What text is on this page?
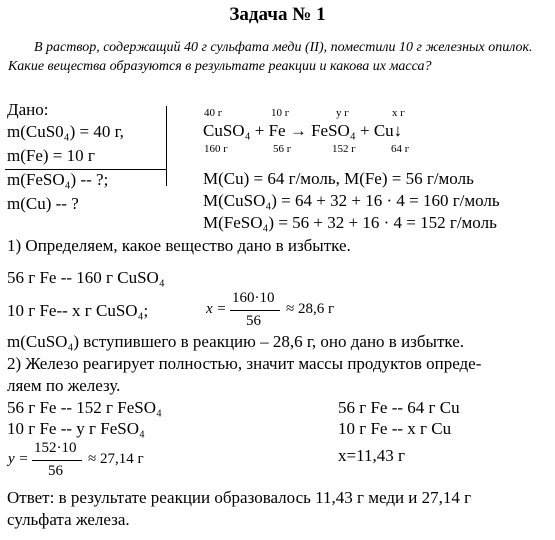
Задача № 1
В раствор, содержащий 40 г сульфата меди (II), поместили 10 г железных опилок. Какие вещества образуются в результате реакции и какова их масса?
Дано:
m(CuS0₄) = 40 г,
m(Fe) = 10 г
m(FeSO₄) -- ?;
m(Cu) -- ?
40 г	10 г	у г	х г
CuSO₄ + Fe → FeSO₄ + Cu↓
160 г	56 г	152 г	64 г
M(Cu) = 64 г/моль, M(Fe) = 56 г/моль
M(CuSO₄) = 64 + 32 + 16 · 4 = 160 г/моль
M(FeSO₄) = 56 + 32 + 16 · 4 = 152 г/моль
1) Определяем, какое вещество дано в избытке.
56 г Fe -- 160 г CuSO₄
10 г Fe-- х г CuSO₄;	x =
160·10
56
≈ 28,6 г
m(CuSO₄) вступившего в реакцию – 28,6 г, оно дано в избытке.
2) Железо реагирует полностью, значит массы продуктов опреде-
ляем по железу.
56 г Fe -- 152 г FeSO₄
10 г Fe -- у г FeSO₄
y =
152·10
56
≈ 27,14 г
56 г Fe -- 64 г Cu
10 г Fe -- х г Cu
x=11,43 г
Ответ: в результате реакции образовалось 11,43 г меди и 27,14 г
сульфата железа.
